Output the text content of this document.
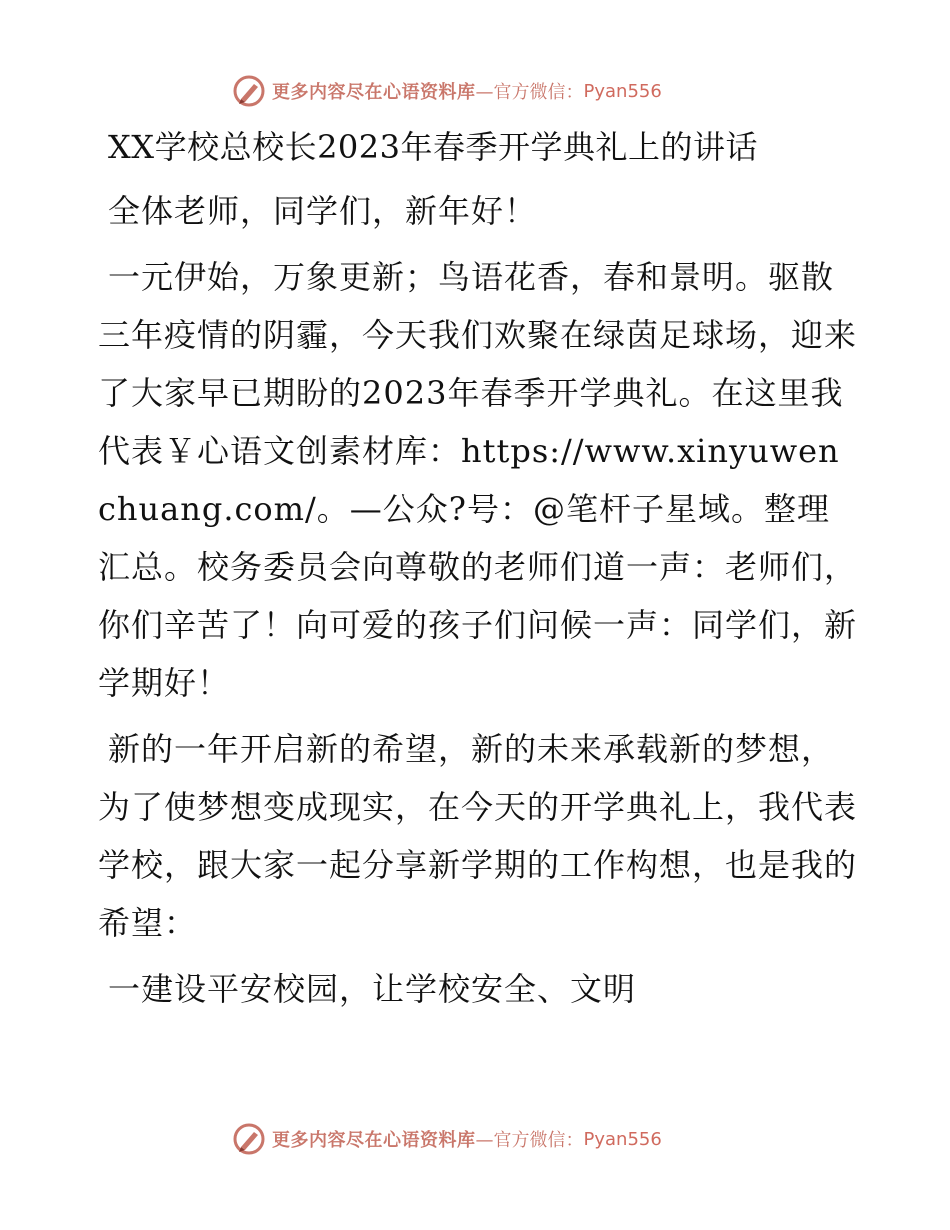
更多内容尽在心语资料库 —官方微信： Pyan556
XX学校总校长2023年春季开学典礼上的讲话

全体老师，同学们，新年好！

一元伊始，万象更新；鸟语花香，春和景明。驱散三年疫情的阴霾，今天我们欢聚在绿茵足球场，迎来了大家早已期盼的2023年春季开学典礼。在这里我代表￥心语文创素材库：https://www.xinyuwenchuang.com/。—公众?号：@笔杆子星域。整理汇总。校务委员会向尊敬的老师们道一声：老师们，你们辛苦了！向可爱的孩子们问候一声：同学们，新学期好！

新的一年开启新的希望，新的未来承载新的梦想，为了使梦想变成现实，在今天的开学典礼上，我代表学校，跟大家一起分享新学期的工作构想，也是我的希望：

一建设平安校园，让学校安全、文明

更多内容尽在心语资料库 —官方微信： Pyan556
